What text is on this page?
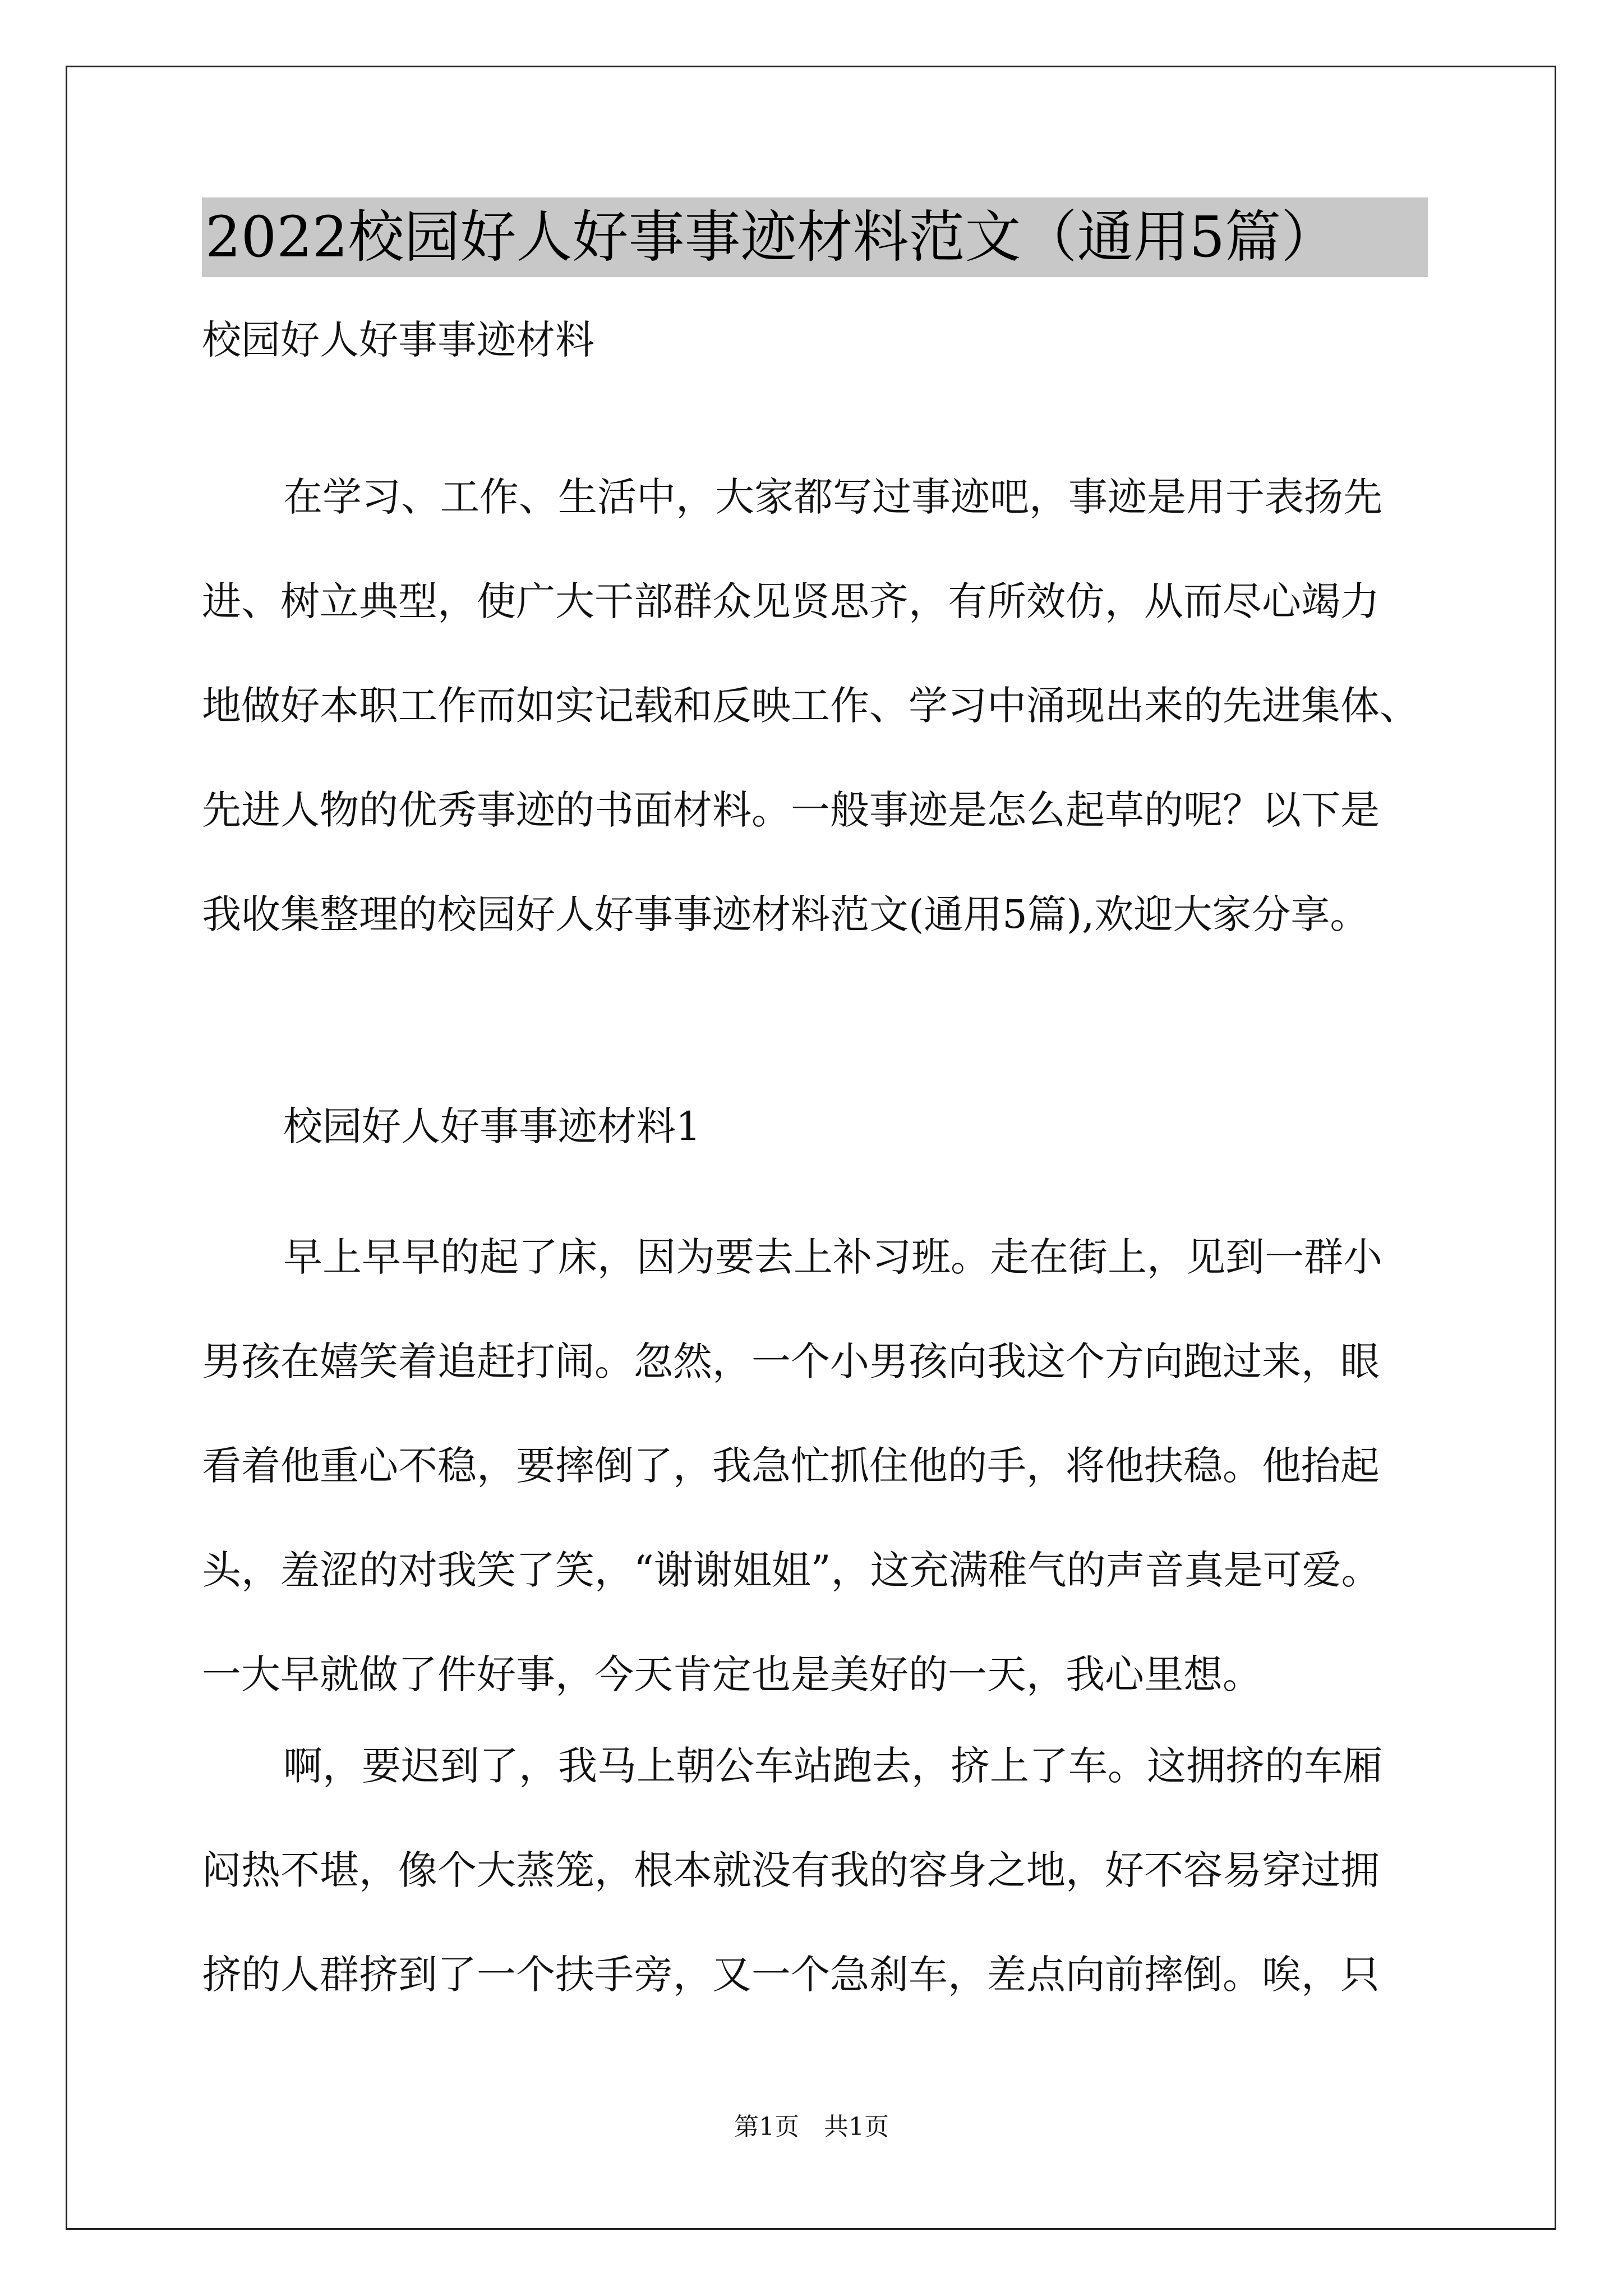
2022校园好人好事事迹材料范文（通用5篇）
校园好人好事事迹材料
在学习、工作、生活中，大家都写过事迹吧，事迹是用于表扬先
进、树立典型，使广大干部群众见贤思齐，有所效仿，从而尽心竭力
地做好本职工作而如实记载和反映工作、学习中涌现出来的先进集体、
先进人物的优秀事迹的书面材料。一般事迹是怎么起草的呢？以下是
我收集整理的校园好人好事事迹材料范文(通用5篇),欢迎大家分享。
校园好人好事事迹材料1
早上早早的起了床，因为要去上补习班。走在街上，见到一群小
男孩在嬉笑着追赶打闹。忽然，一个小男孩向我这个方向跑过来，眼
看着他重心不稳，要摔倒了，我急忙抓住他的手，将他扶稳。他抬起
头，羞涩的对我笑了笑，“谢谢姐姐”，这充满稚气的声音真是可爱。
一大早就做了件好事，今天肯定也是美好的一天，我心里想。
啊，要迟到了，我马上朝公车站跑去，挤上了车。这拥挤的车厢
闷热不堪，像个大蒸笼，根本就没有我的容身之地，好不容易穿过拥
挤的人群挤到了一个扶手旁，又一个急刹车，差点向前摔倒。唉，只
第1页　共1页
